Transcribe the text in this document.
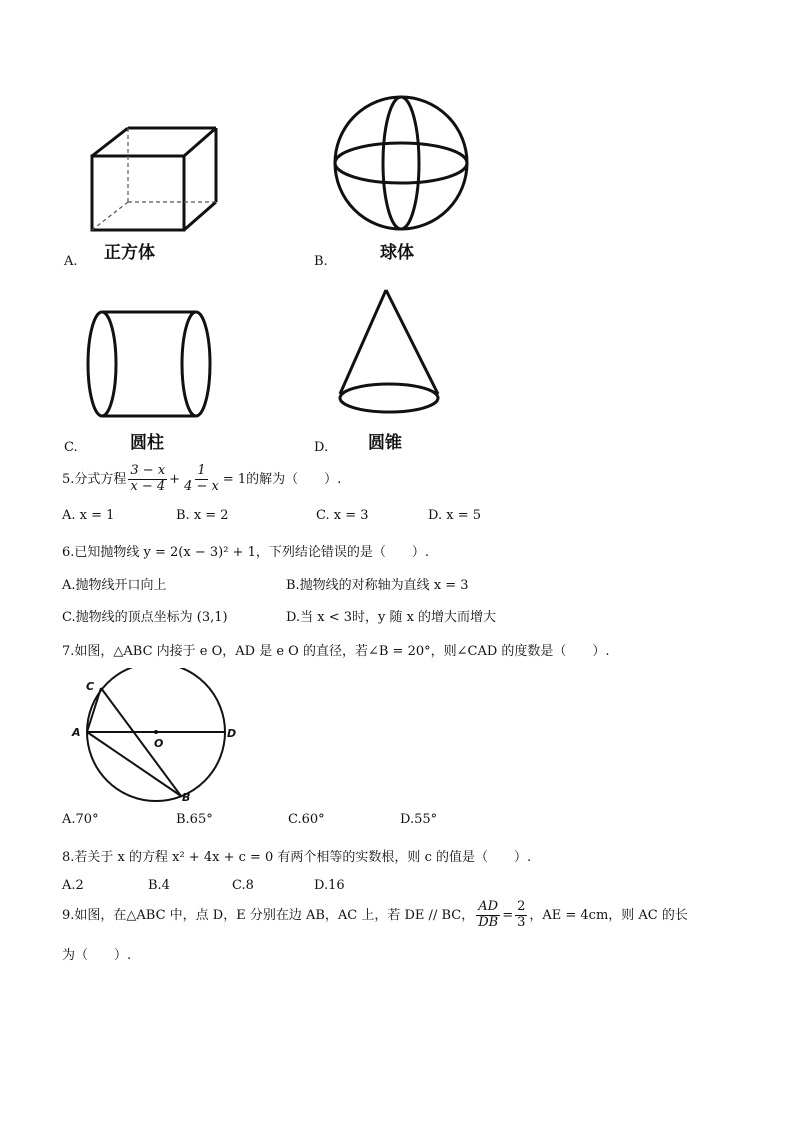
正方体
A.	球体
B.
圆柱
C.	圆锥
D.
5.分式方程 $\frac{3 - x}{x - 4} + \frac{1}{4 - x} = 1$的解为（　　）.
A. x = 1	B. x = 2	C. x = 3	D. x = 5
6.已知抛物线 y = 2(x − 3)² + 1，下列结论错误的是（　　）.
A.抛物线开口向上	B.抛物线的对称轴为直线 x = 3
C.抛物线的顶点坐标为 (3,1)	D.当 x < 3时，y 随 x 的增大而增大
7.如图，△ABC 内接于 e O，AD 是 e O 的直径，若∠B = 20°，则∠CAD 的度数是（　　）.
C
A
O
D
B
A.70°	B.65°	C.60°	D.55°
8.若关于 x 的方程 x² + 4x + c = 0 有两个相等的实数根，则 c 的值是（　　）.
A.2	B.4	C.8	D.16
9.如图，在△ABC 中，点 D，E 分别在边 AB，AC 上，若 DE // BC， $\frac{AD}{DB} = \frac{2}{3}$ ，AE = 4cm，则 AC 的长
为（　　）.
